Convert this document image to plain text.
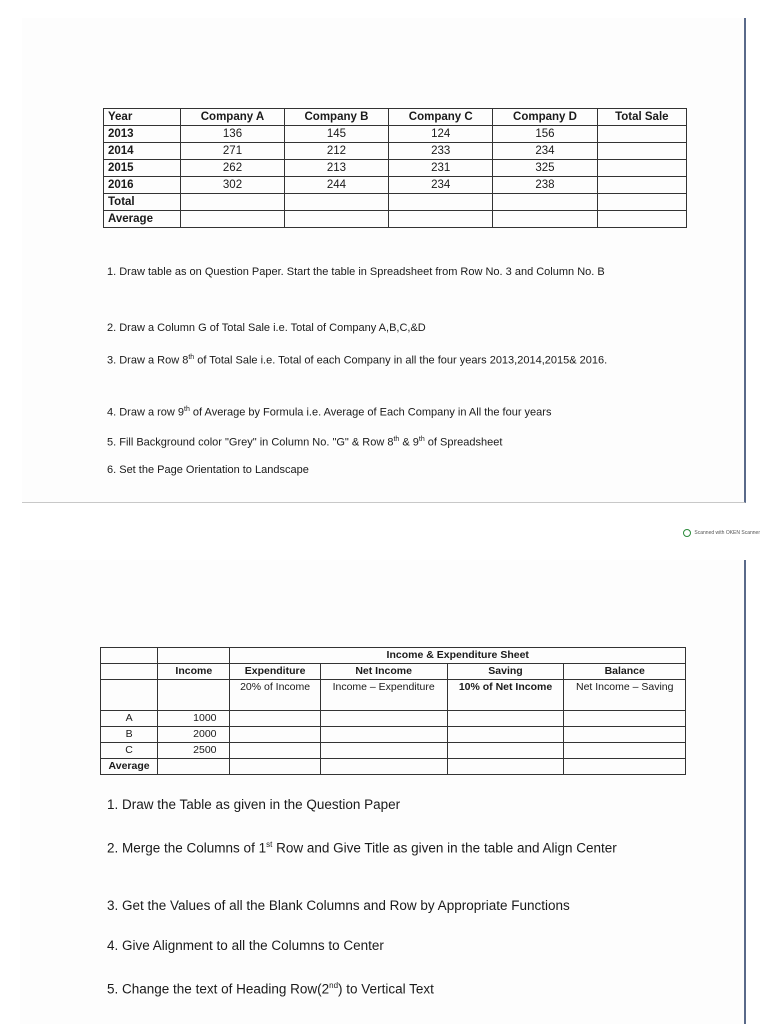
Year	Company A	Company B	Company C	Company D	Total Sale
2013	136	145	124	156	
2014	271	212	233	234	
2015	262	213	231	325	
2016	302	244	234	238	
Total					
Average					
1. Draw table as on Question Paper. Start the table in Spreadsheet from Row No. 3 and Column No. B
2. Draw a Column G of Total Sale i.e. Total of Company A,B,C,&D
3. Draw a Row 8th of Total Sale i.e. Total of each Company in all the four years 2013,2014,2015& 2016.
4. Draw a row 9th of Average by Formula i.e. Average of Each Company in All the four years
5. Fill Background color "Grey" in Column No. "G" & Row 8th & 9th of Spreadsheet
6. Set the Page Orientation to Landscape
Scanned with OKEN Scanner
		Income & Expenditure Sheet			
	Income	Expenditure	Net Income	Saving	Balance
		20% of Income	Income – Expenditure	10% of Net Income	Net Income – Saving
A	1000				
B	2000				
C	2500				
Average					
1. Draw the Table as given in the Question Paper
2. Merge the Columns of 1st Row and Give Title as given in the table and Align Center
3. Get the Values of all the Blank Columns and Row by Appropriate Functions
4. Give Alignment to all the Columns to Center
5. Change the text of Heading Row(2nd) to Vertical Text
